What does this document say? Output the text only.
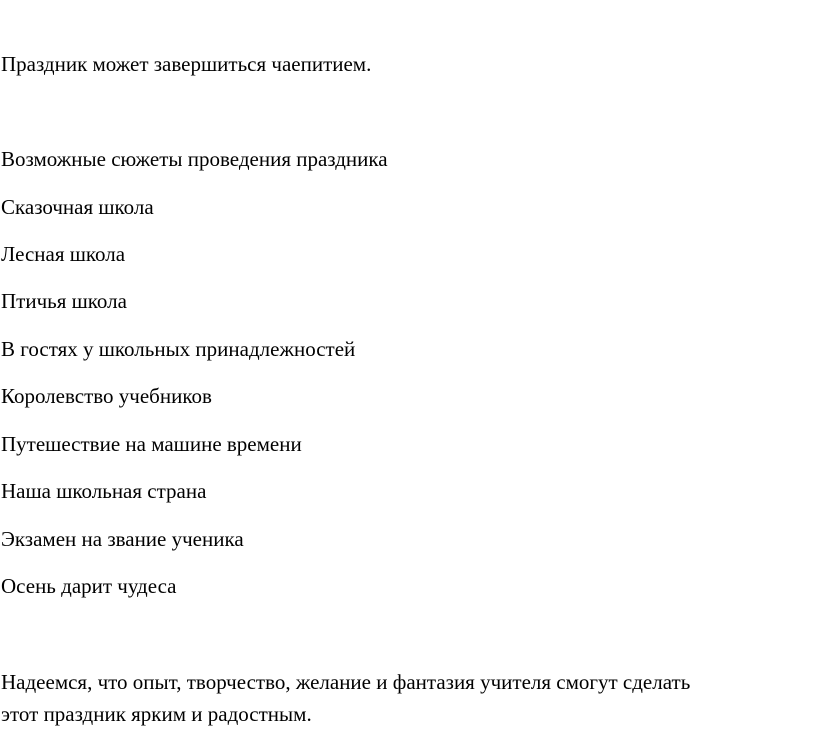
Праздник может завершиться чаепитием.

Возможные сюжеты проведения праздника

Сказочная школа

Лесная школа

Птичья школа

В гостях у школьных принадлежностей

Королевство учебников

Путешествие на машине времени

Наша школьная страна

Экзамен на звание ученика

Осень дарит чудеса

Надеемся, что опыт, творчество, желание и фантазия учителя смогут сделать

этот праздник ярким и радостным.
